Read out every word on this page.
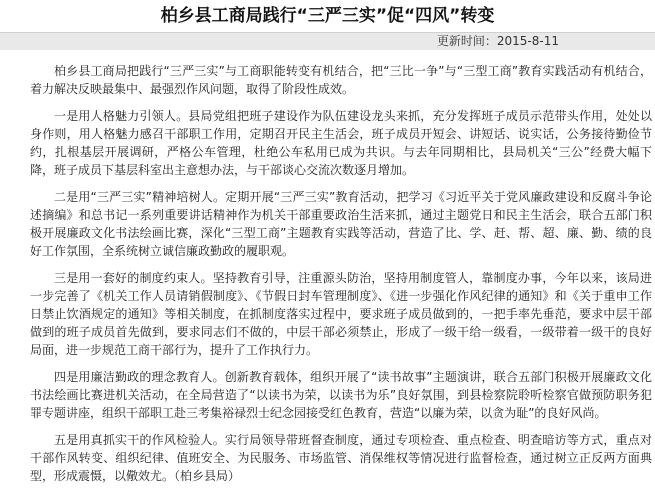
柏乡县工商局践行“三严三实”促“四风”转变
更新时间：2015-8-11

柏乡县工商局把践行“三严三实”与工商职能转变有机结合，把“三比一争”与“三型工商”教育实践活动有机结合，着力解决反映最集中、最强烈作风问题，取得了阶段性成效。

一是用人格魅力引领人。县局党组把班子建设作为队伍建设龙头来抓，充分发挥班子成员示范带头作用，处处以身作则，用人格魅力感召干部职工作用，定期召开民主生活会，班子成员开短会、讲短话、说实话，公务接待勤俭节约，扎根基层开展调研，严格公车管理，杜绝公车私用已成为共识。与去年同期相比，县局机关“三公”经费大幅下降，班子成员下基层科室出主意想办法，与干部谈心交流次数逐月增加。

二是用“三严三实”精神培树人。定期开展“三严三实”教育活动，把学习《习近平关于党风廉政建设和反腐斗争论述摘编》和总书记一系列重要讲话精神作为机关干部重要政治生活来抓，通过主题党日和民主生活会，联合五部门积极开展廉政文化书法绘画比赛，深化“三型工商”主题教育实践等活动，营造了比、学、赶、帮、超、廉、勤、绩的良好工作氛围，全系统树立诚信廉政勤政的履职观。

三是用一套好的制度约束人。坚持教育引导，注重源头防治，坚持用制度管人，靠制度办事，今年以来，该局进一步完善了《机关工作人员请销假制度》、《节假日封车管理制度》、《进一步强化作风纪律的通知》和《关于重申工作日禁止饮酒规定的通知》等相关制度，在抓制度落实过程中，要求班子成员做到的，一把手率先垂范，要求中层干部做到的班子成员首先做到，要求同志们不做的，中层干部必须禁止，形成了一级干给一级看，一级带着一级干的良好局面，进一步规范工商干部行为，提升了工作执行力。

四是用廉洁勤政的理念教育人。创新教育载体，组织开展了“读书故事”主题演讲，联合五部门积极开展廉政文化书法绘画比赛进机关活动，在全局营造了“以读书为荣，以读书为乐”良好氛围，到县检察院聆听检察官做预防职务犯罪专题讲座，组织干部职工赴三考集裕禄烈士纪念园接受红色教育，营造“以廉为荣，以贪为耻”的良好风尚。

五是用真抓实干的作风检验人。实行局领导带班督查制度，通过专项检查、重点检查、明查暗访等方式，重点对干部作风转变、组织纪律、值班安全、为民服务、市场监管、消保维权等情况进行监督检查，通过树立正反两方面典型，形成震慑，以儆效尤。（柏乡县局）
